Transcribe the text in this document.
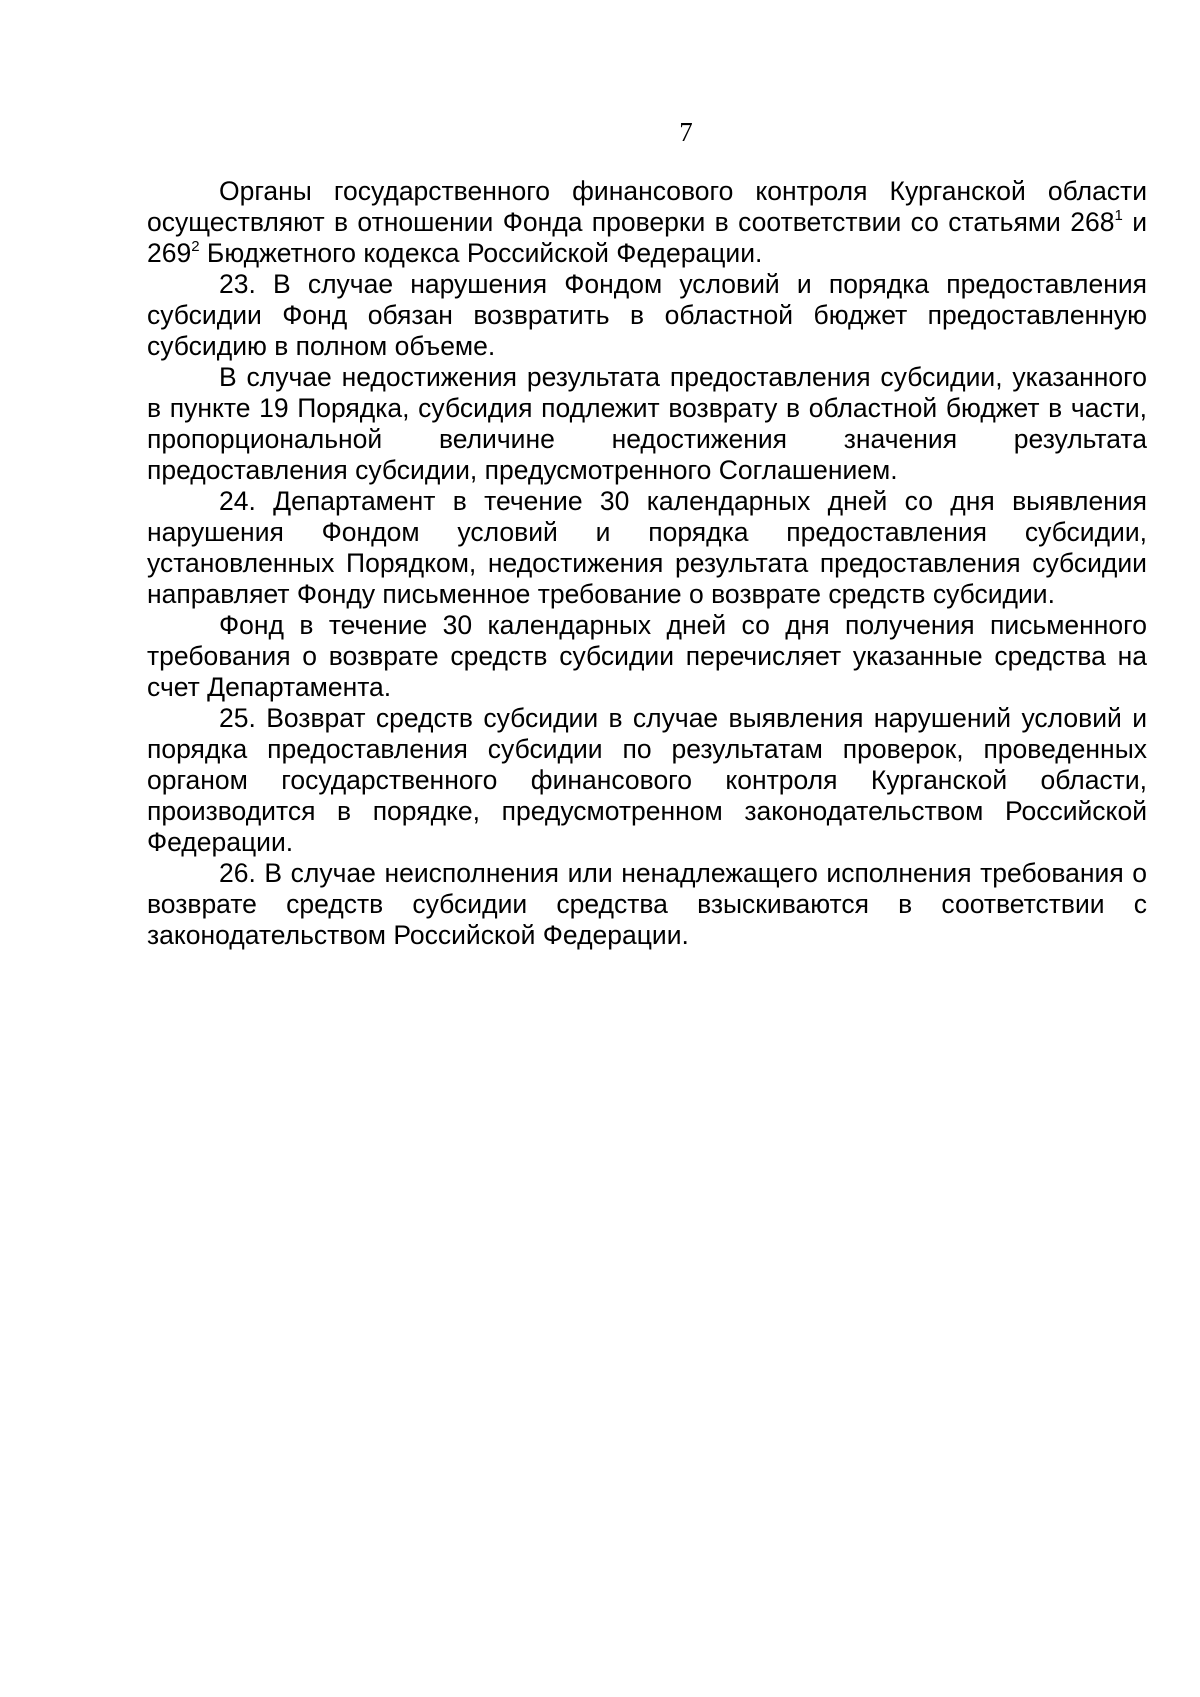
7

Органы государственного финансового контроля Курганской области осуществляют в отношении Фонда проверки в соответствии со статьями $268^1$ и $269^2$ Бюджетного кодекса Российской Федерации.

23. В случае нарушения Фондом условий и порядка предоставления субсидии Фонд обязан возвратить в областной бюджет предоставленную субсидию в полном объеме.

В случае недостижения результата предоставления субсидии, указанного в пункте 19 Порядка, субсидия подлежит возврату в областной бюджет в части, пропорциональной величине недостижения значения результата предоставления субсидии, предусмотренного Соглашением.

24. Департамент в течение 30 календарных дней со дня выявления нарушения Фондом условий и порядка предоставления субсидии, установленных Порядком, недостижения результата предоставления субсидии направляет Фонду письменное требование о возврате средств субсидии.

Фонд в течение 30 календарных дней со дня получения письменного требования о возврате средств субсидии перечисляет указанные средства на счет Департамента.

25. Возврат средств субсидии в случае выявления нарушений условий и порядка предоставления субсидии по результатам проверок, проведенных органом государственного финансового контроля Курганской области, производится в порядке, предусмотренном законодательством Российской Федерации.

26. В случае неисполнения или ненадлежащего исполнения требования о возврате средств субсидии средства взыскиваются в соответствии с законодательством Российской Федерации.
